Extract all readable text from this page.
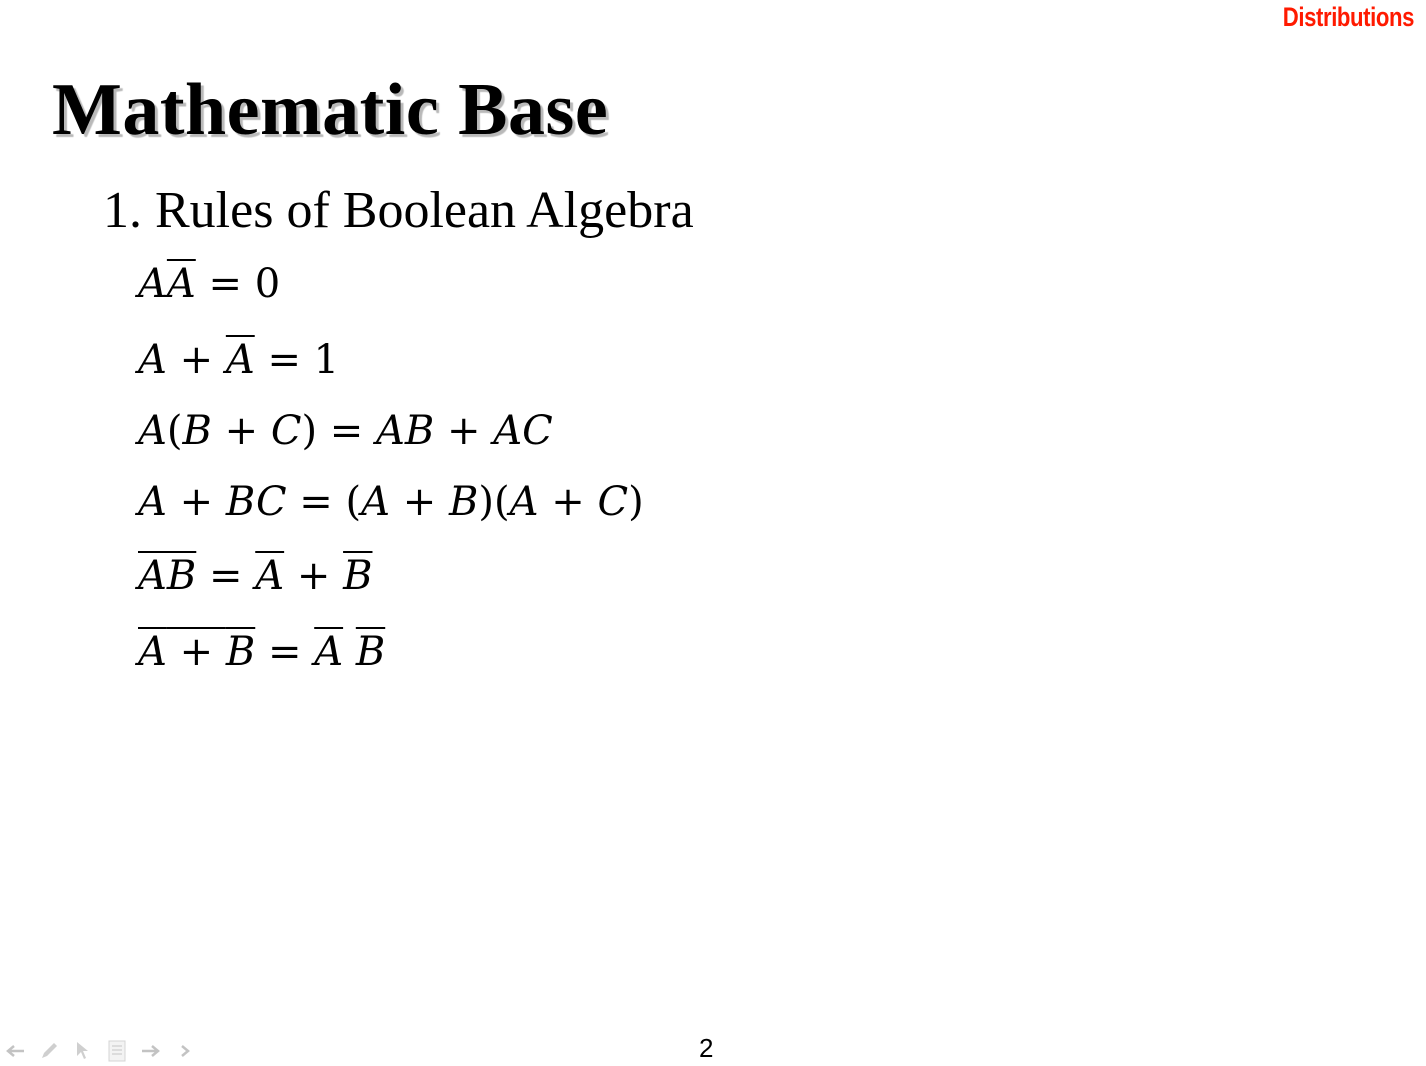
Distributions
Mathematic Base
1. Rules of Boolean Algebra
$A\overline{A} = 0$
$A + \overline{A} = 1$
A(B + C) = AB + AC
A + BC = (A + B)(A + C)
$\overline{AB} = \overline{A} + \overline{B}$
$A + B = \overline{A}$ $\overline{B}$
2
